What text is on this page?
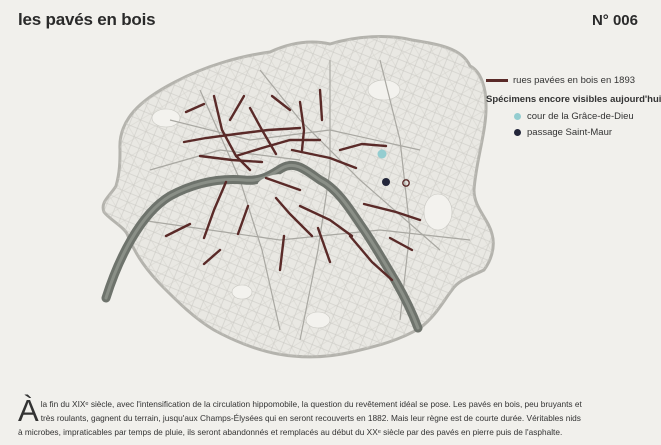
les pavés en bois	N° 006
rues pavées en bois en 1893
Spécimens encore visibles aujourd'hui
cour de la Grâce-de-Dieu
passage Saint-Maur
À la fin du XIXᵉ siècle, avec l'intensification de la circulation hippomobile, la question du revêtement idéal se pose. Les pavés en bois, peu bruyants et
très roulants, gagnent du terrain, jusqu'aux Champs-Élysées qui en seront recouverts en 1882. Mais leur règne est de courte durée. Véritables nids
à microbes, impraticables par temps de pluie, ils seront abandonnés et remplacés au début du XXᵉ siècle par des pavés en pierre puis de l'asphalte.
